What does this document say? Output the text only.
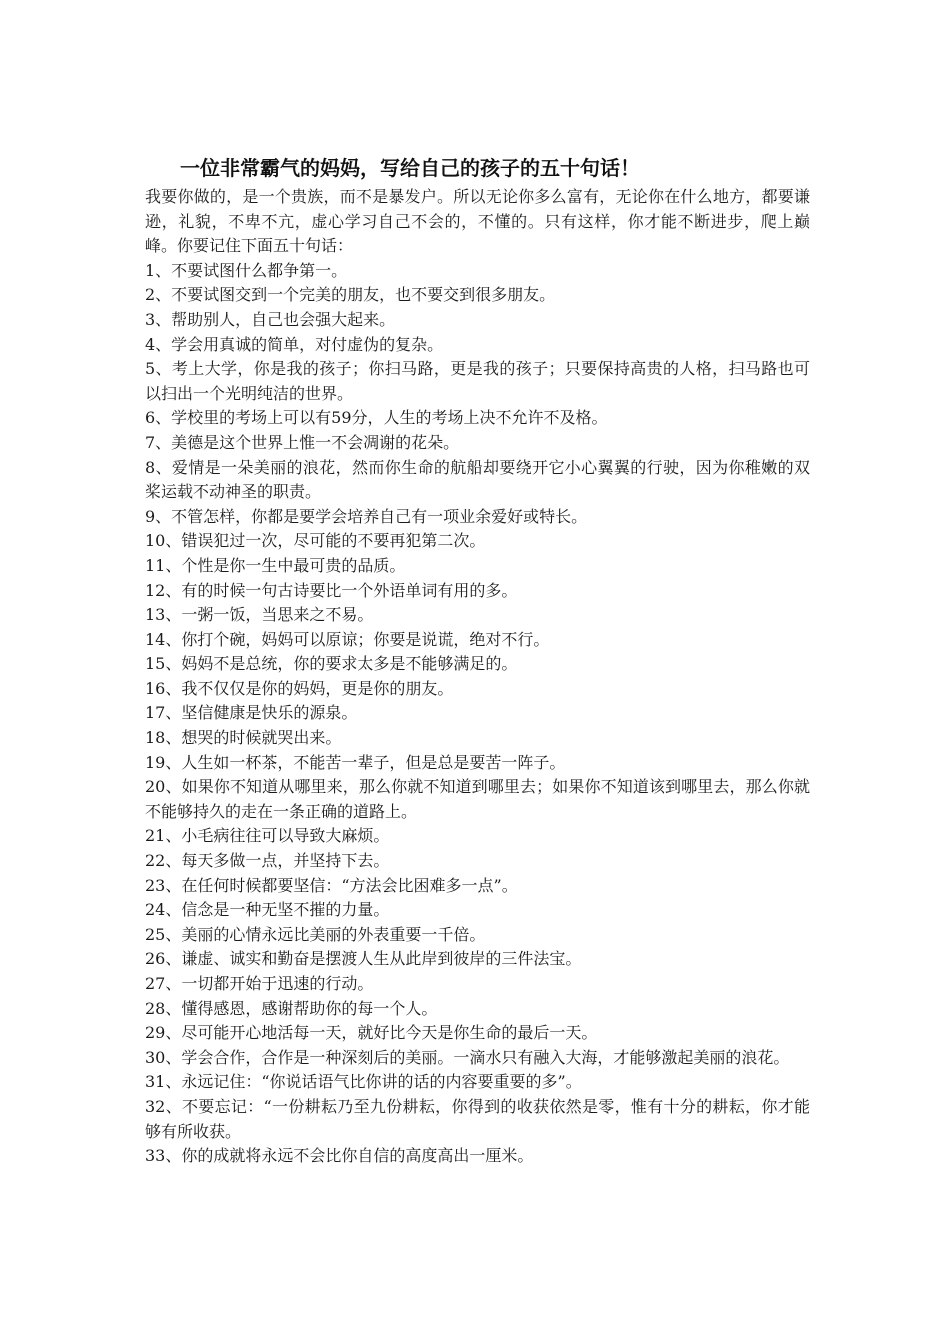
一位非常霸气的妈妈，写给自己的孩子的五十句话！

我要你做的，是一个贵族，而不是暴发户。所以无论你多么富有，无论你在什么地方，都要谦逊，礼貌，不卑不亢，虚心学习自己不会的，不懂的。只有这样，你才能不断进步，爬上巅峰。你要记住下面五十句话：

1、不要试图什么都争第一。
2、不要试图交到一个完美的朋友，也不要交到很多朋友。
3、帮助别人，自己也会强大起来。
4、学会用真诚的简单，对付虚伪的复杂。
5、考上大学，你是我的孩子；你扫马路，更是我的孩子；只要保持高贵的人格，扫马路也可以扫出一个光明纯洁的世界。
6、学校里的考场上可以有59分，人生的考场上决不允许不及格。
7、美德是这个世界上惟一不会凋谢的花朵。
8、爱情是一朵美丽的浪花，然而你生命的航船却要绕开它小心翼翼的行驶，因为你稚嫩的双桨运载不动神圣的职责。
9、不管怎样，你都是要学会培养自己有一项业余爱好或特长。
10、错误犯过一次，尽可能的不要再犯第二次。
11、个性是你一生中最可贵的品质。
12、有的时候一句古诗要比一个外语单词有用的多。
13、一粥一饭，当思来之不易。
14、你打个碗，妈妈可以原谅；你要是说谎，绝对不行。
15、妈妈不是总统，你的要求太多是不能够满足的。
16、我不仅仅是你的妈妈，更是你的朋友。
17、坚信健康是快乐的源泉。
18、想哭的时候就哭出来。
19、人生如一杯茶，不能苦一辈子，但是总是要苦一阵子。
20、如果你不知道从哪里来，那么你就不知道到哪里去；如果你不知道该到哪里去，那么你就不能够持久的走在一条正确的道路上。
21、小毛病往往可以导致大麻烦。
22、每天多做一点，并坚持下去。
23、在任何时候都要坚信：“方法会比困难多一点”。
24、信念是一种无坚不摧的力量。
25、美丽的心情永远比美丽的外表重要一千倍。
26、谦虚、诚实和勤奋是摆渡人生从此岸到彼岸的三件法宝。
27、一切都开始于迅速的行动。
28、懂得感恩，感谢帮助你的每一个人。
29、尽可能开心地活每一天，就好比今天是你生命的最后一天。
30、学会合作，合作是一种深刻后的美丽。一滴水只有融入大海，才能够激起美丽的浪花。
31、永远记住：“你说话语气比你讲的话的内容要重要的多”。
32、不要忘记：“一份耕耘乃至九份耕耘，你得到的收获依然是零，惟有十分的耕耘，你才能够有所收获。
33、你的成就将永远不会比你自信的高度高出一厘米。
